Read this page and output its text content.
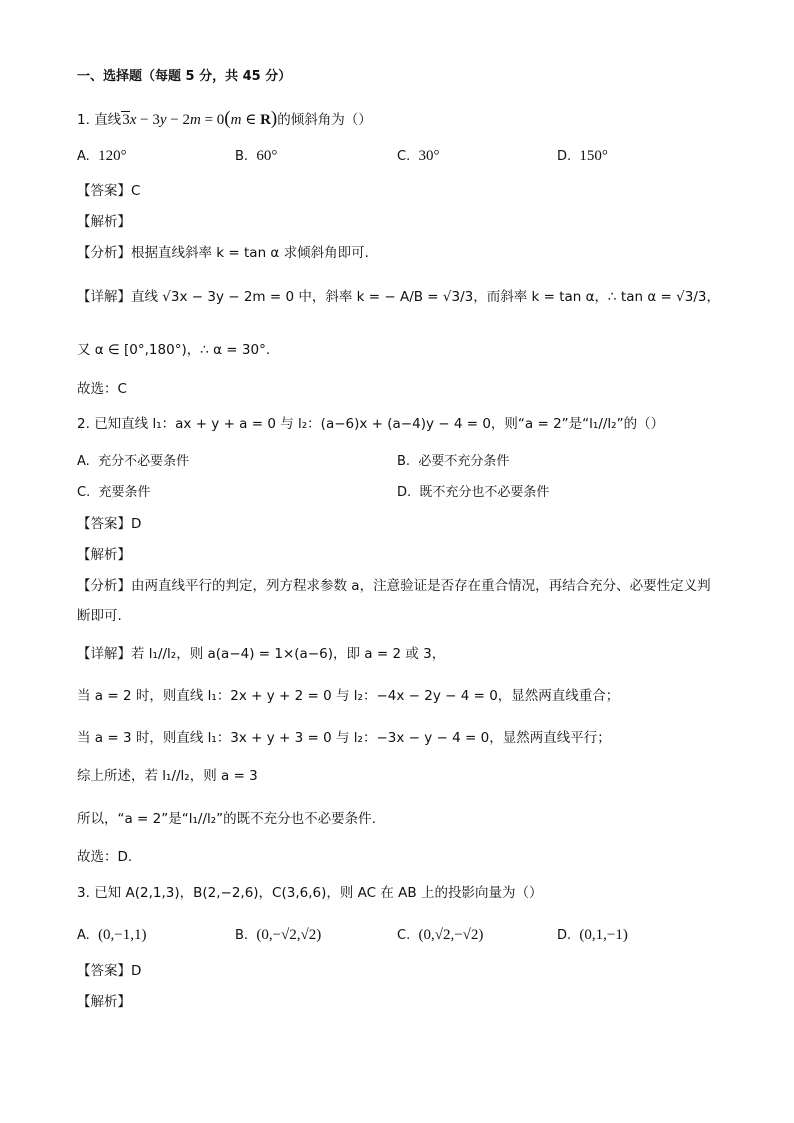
一、选择题（每题 5 分，共 45 分）
1. 直线3x − 3y − 2m = 0(m ∈ R)的倾斜角为（）
A. 120°	B. 60°	C. 30°	D. 150°
【答案】C
【解析】
【分析】根据直线斜率 k = tan α 求倾斜角即可.
【详解】直线 √3x − 3y − 2m = 0 中，斜率 k = − A/B = √3/3，而斜率 k = tan α，∴ tan α = √3/3，
又 α ∈ [0°,180°)，∴ α = 30°.
故选：C
2. 已知直线 l₁：ax + y + a = 0 与 l₂：(a−6)x + (a−4)y − 4 = 0，则“a = 2”是“l₁//l₂”的（）
A. 充分不必要条件	B. 必要不充分条件
C. 充要条件	D. 既不充分也不必要条件
【答案】D
【解析】
【分析】由两直线平行的判定，列方程求参数 a，注意验证是否存在重合情况，再结合充分、必要性定义判
断即可.
【详解】若 l₁//l₂，则 a(a−4) = 1×(a−6)，即 a = 2 或 3，
当 a = 2 时，则直线 l₁：2x + y + 2 = 0 与 l₂：−4x − 2y − 4 = 0，显然两直线重合；
当 a = 3 时，则直线 l₁：3x + y + 3 = 0 与 l₂：−3x − y − 4 = 0，显然两直线平行；
综上所述，若 l₁//l₂，则 a = 3
所以，“a = 2”是“l₁//l₂”的既不充分也不必要条件.
故选：D.
3. 已知 A(2,1,3)，B(2,−2,6)，C(3,6,6)，则 AC 在 AB 上的投影向量为（）
A. (0,−1,1)	B. (0,−√2,√2)	C. (0,√2,−√2)	D. (0,1,−1)
【答案】D
【解析】
